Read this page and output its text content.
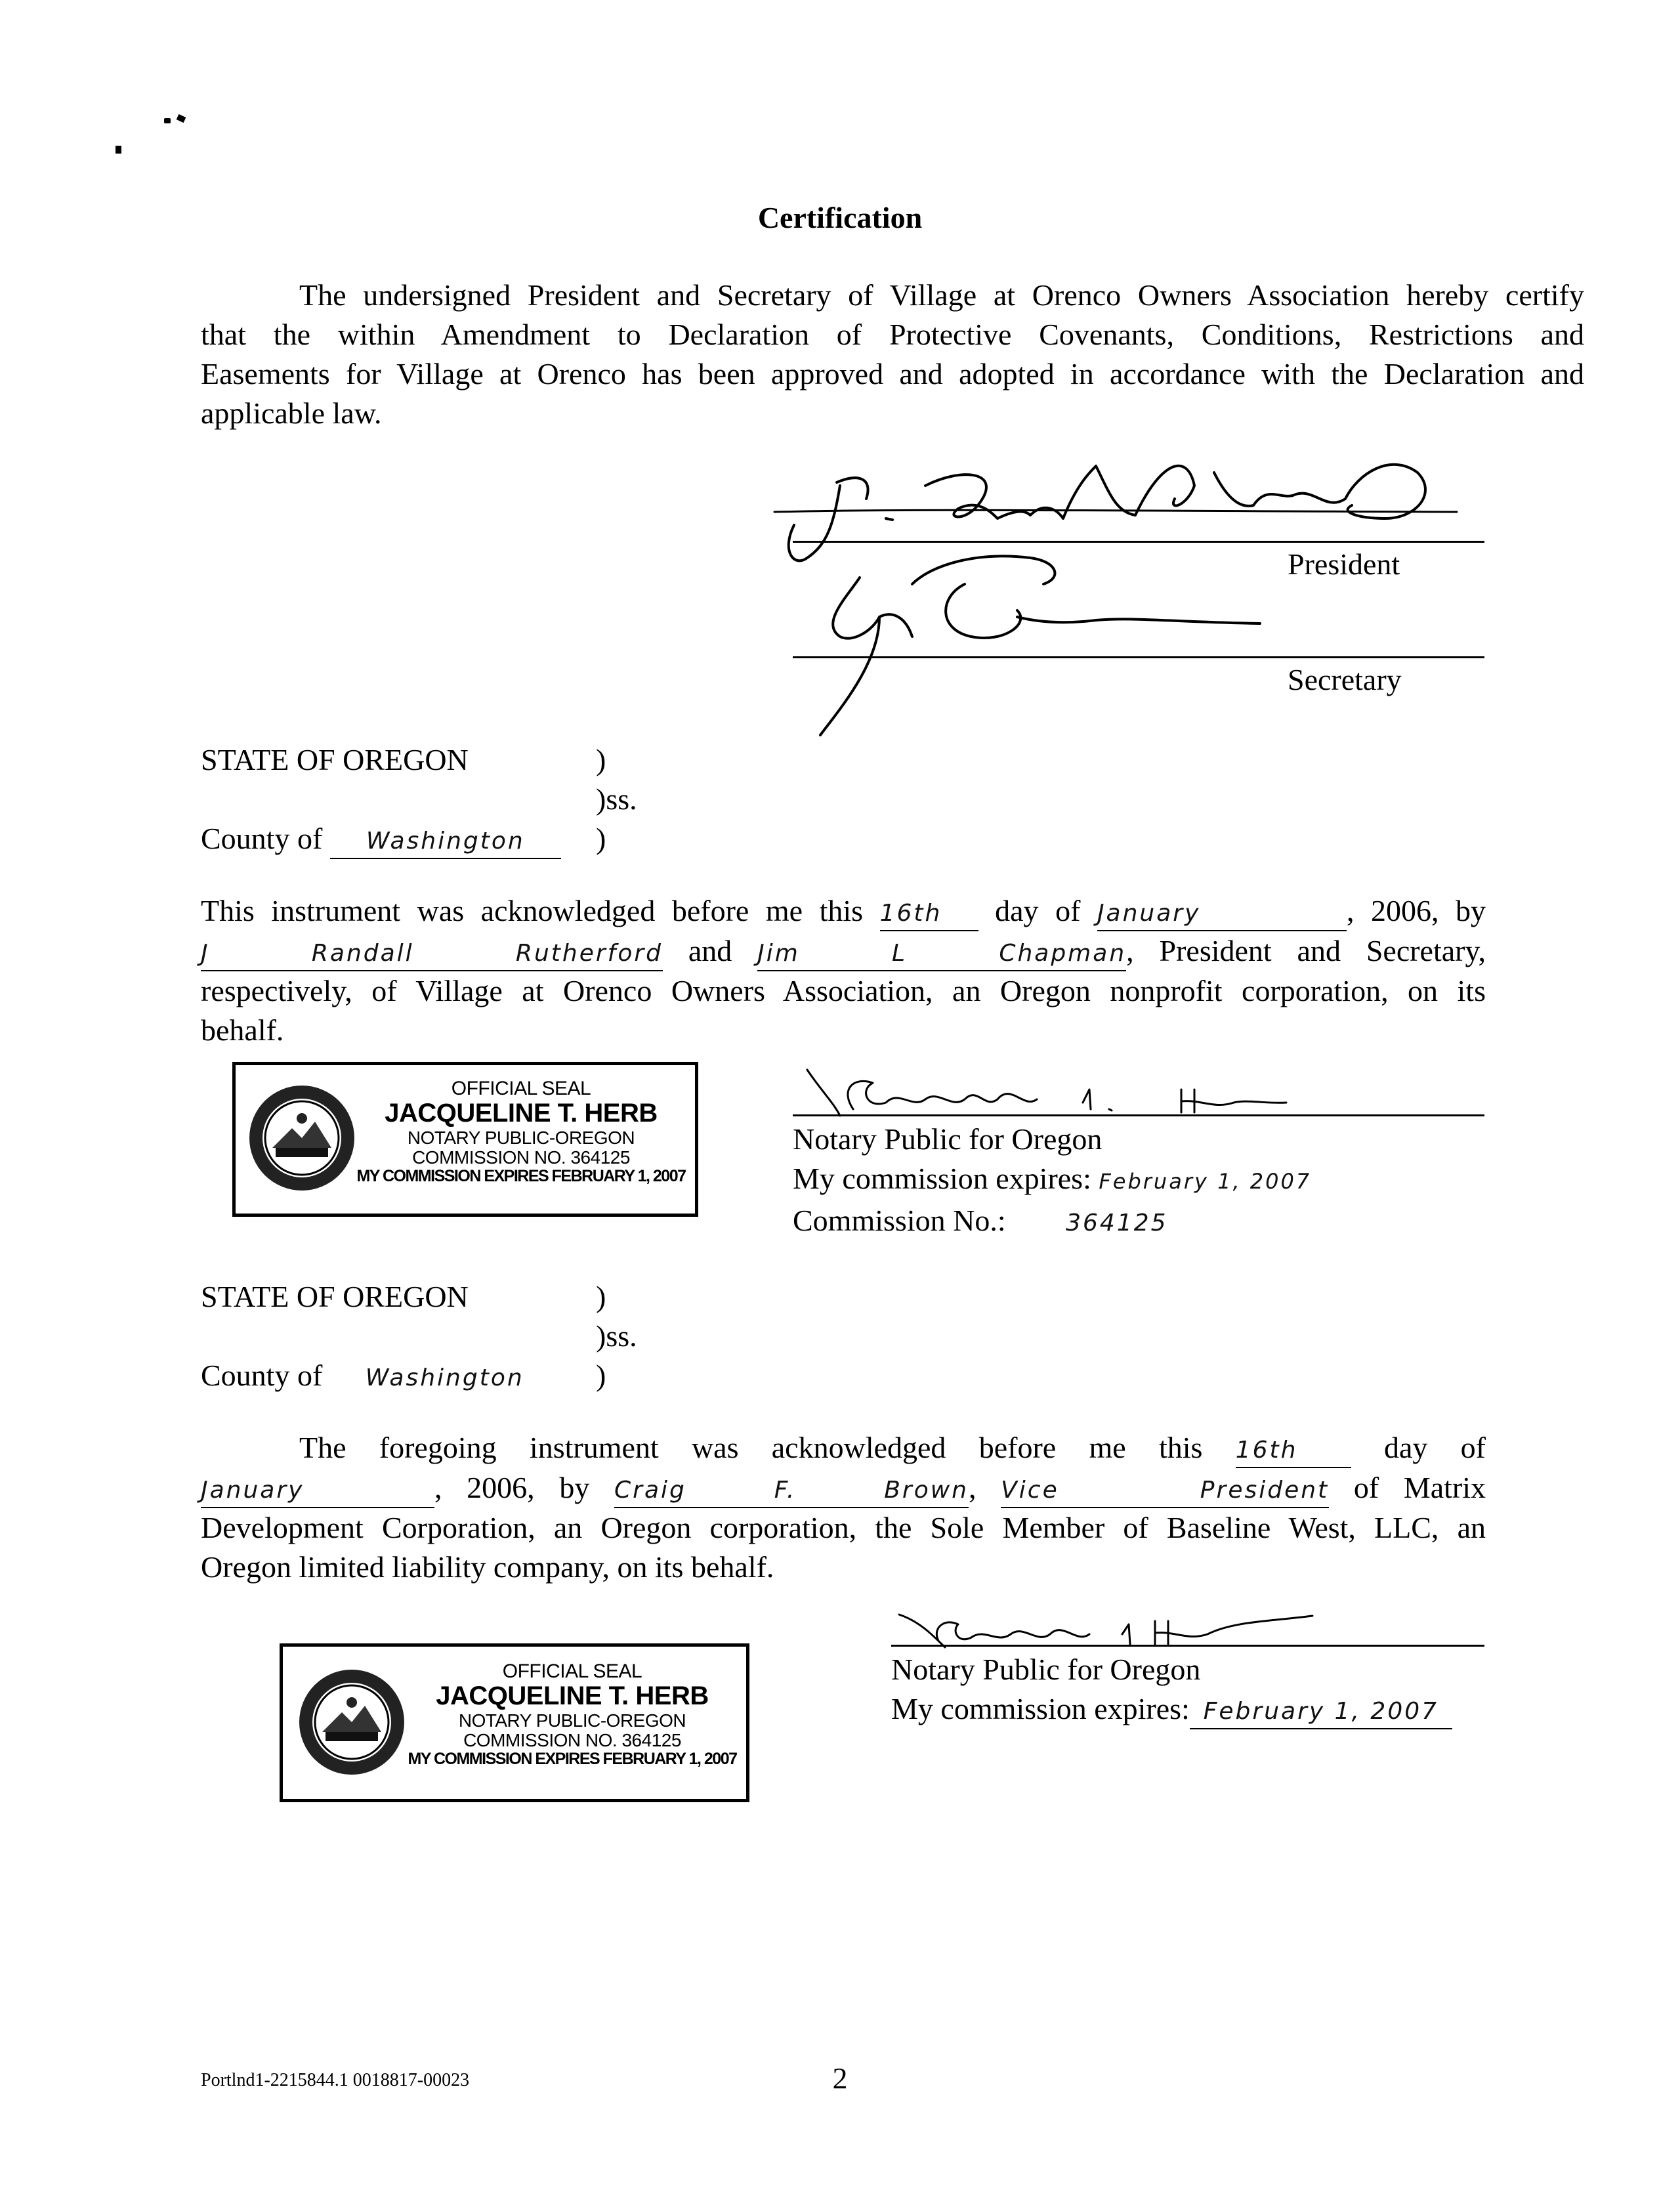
Certification
The undersigned President and Secretary of Village at Orenco Owners Association hereby certify
that the within Amendment to Declaration of Protective Covenants, Conditions, Restrictions and
Easements for Village at Orenco has been approved and adopted in accordance with the Declaration and
applicable law.
President
Secretary
STATE OF OREGON	)
)ss.
County of Washington	)
This instrument was acknowledged before me this 16th day of January	, 2006, by
J Randall Rutherford and Jim L Chapman, President and Secretary,
respectively, of Village at Orenco Owners Association, an Oregon nonprofit corporation, on its
behalf.
OFFICIAL SEAL
JACQUELINE T. HERB
NOTARY PUBLIC-OREGON
COMMISSION NO. 364125
MY COMMISSION EXPIRES FEBRUARY 1, 2007
Notary Public for Oregon
My commission expires: February 1, 2007
Commission No.:	364125
STATE OF OREGON	)
)ss.
County of Washington )
The foregoing instrument was acknowledged before me this 16th	day of
January	, 2006, by Craig F. Brown, Vice President of Matrix
Development Corporation, an Oregon corporation, the Sole Member of Baseline West, LLC, an
Oregon limited liability company, on its behalf.
OFFICIAL SEAL
JACQUELINE T. HERB
NOTARY PUBLIC-OREGON
COMMISSION NO. 364125
MY COMMISSION EXPIRES FEBRUARY 1, 2007
Notary Public for Oregon
My commission expires: February 1, 2007
Portlnd1-2215844.1 0018817-00023	2
